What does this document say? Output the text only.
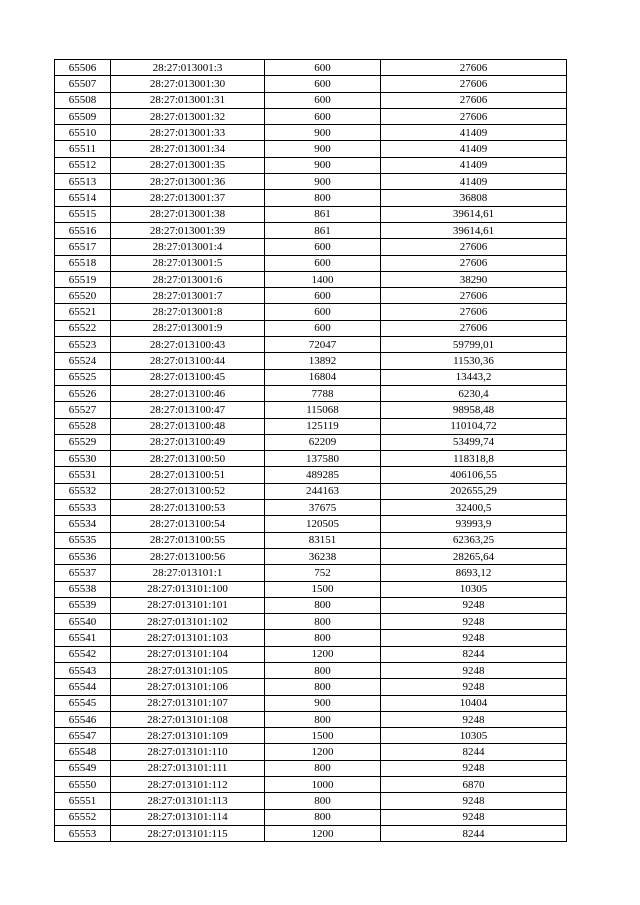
65506	28:27:013001:3	600	27606
65507	28:27:013001:30	600	27606
65508	28:27:013001:31	600	27606
65509	28:27:013001:32	600	27606
65510	28:27:013001:33	900	41409
65511	28:27:013001:34	900	41409
65512	28:27:013001:35	900	41409
65513	28:27:013001:36	900	41409
65514	28:27:013001:37	800	36808
65515	28:27:013001:38	861	39614,61
65516	28:27:013001:39	861	39614,61
65517	28:27:013001:4	600	27606
65518	28:27:013001:5	600	27606
65519	28:27:013001:6	1400	38290
65520	28:27:013001:7	600	27606
65521	28:27:013001:8	600	27606
65522	28:27:013001:9	600	27606
65523	28:27:013100:43	72047	59799,01
65524	28:27:013100:44	13892	11530,36
65525	28:27:013100:45	16804	13443,2
65526	28:27:013100:46	7788	6230,4
65527	28:27:013100:47	115068	98958,48
65528	28:27:013100:48	125119	110104,72
65529	28:27:013100:49	62209	53499,74
65530	28:27:013100:50	137580	118318,8
65531	28:27:013100:51	489285	406106,55
65532	28:27:013100:52	244163	202655,29
65533	28:27:013100:53	37675	32400,5
65534	28:27:013100:54	120505	93993,9
65535	28:27:013100:55	83151	62363,25
65536	28:27:013100:56	36238	28265,64
65537	28:27:013101:1	752	8693,12
65538	28:27:013101:100	1500	10305
65539	28:27:013101:101	800	9248
65540	28:27:013101:102	800	9248
65541	28:27:013101:103	800	9248
65542	28:27:013101:104	1200	8244
65543	28:27:013101:105	800	9248
65544	28:27:013101:106	800	9248
65545	28:27:013101:107	900	10404
65546	28:27:013101:108	800	9248
65547	28:27:013101:109	1500	10305
65548	28:27:013101:110	1200	8244
65549	28:27:013101:111	800	9248
65550	28:27:013101:112	1000	6870
65551	28:27:013101:113	800	9248
65552	28:27:013101:114	800	9248
65553	28:27:013101:115	1200	8244
